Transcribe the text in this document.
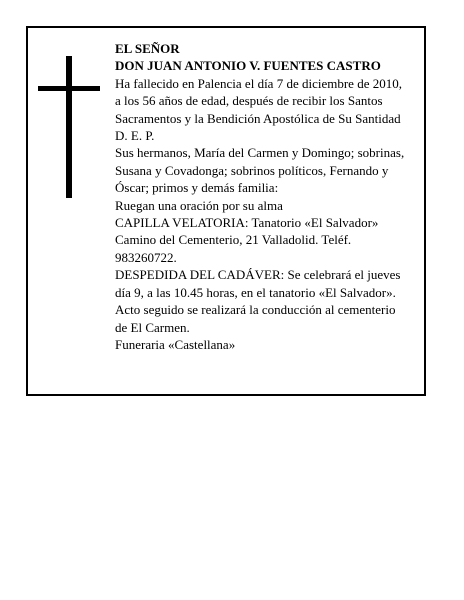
EL SEÑOR

DON JUAN ANTONIO V. FUENTES CASTRO

Ha fallecido en Palencia el día 7 de diciembre de 2010,

a los 56 años de edad, después de recibir los Santos

Sacramentos y la Bendición Apostólica de Su Santidad

D. E. P.

Sus hermanos, María del Carmen y Domingo; sobrinas,

Susana y Covadonga; sobrinos políticos, Fernando y

Óscar; primos y demás familia:

Ruegan una oración por su alma

CAPILLA VELATORIA: Tanatorio «El Salvador»

Camino del Cementerio, 21 Valladolid. Teléf.

983260722.

DESPEDIDA DEL CADÁVER: Se celebrará el jueves

día 9, a las 10.45 horas, en el tanatorio «El Salvador».

Acto seguido se realizará la conducción al cementerio

de El Carmen.

Funeraria «Castellana»
